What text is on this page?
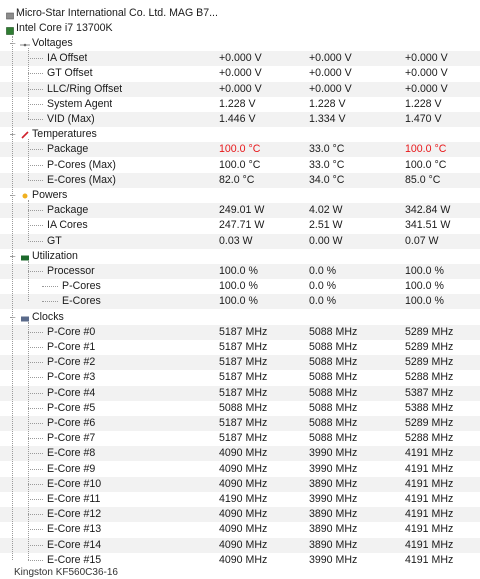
Micro-Star International Co. Ltd. MAG B7...
Intel Core i7 13700K
− Voltages
IA Offset	+0.000 V	+0.000 V	+0.000 V
GT Offset	+0.000 V	+0.000 V	+0.000 V
LLC/Ring Offset	+0.000 V	+0.000 V	+0.000 V
System Agent	1.228 V	1.228 V	1.228 V
VID (Max)	1.446 V	1.334 V	1.470 V
− Temperatures
Package	100.0 °C	33.0 °C	100.0 °C
P-Cores (Max)	100.0 °C	33.0 °C	100.0 °C
E-Cores (Max)	82.0 °C	34.0 °C	85.0 °C
− Powers
Package	249.01 W	4.02 W	342.84 W
IA Cores	247.71 W	2.51 W	341.51 W
GT	0.03 W	0.00 W	0.07 W
− Utilization
Processor	100.0 %	0.0 %	100.0 %
P-Cores	100.0 %	0.0 %	100.0 %
E-Cores	100.0 %	0.0 %	100.0 %
− Clocks
P-Core #0	5187 MHz	5088 MHz	5289 MHz
P-Core #1	5187 MHz	5088 MHz	5289 MHz
P-Core #2	5187 MHz	5088 MHz	5289 MHz
P-Core #3	5187 MHz	5088 MHz	5288 MHz
P-Core #4	5187 MHz	5088 MHz	5387 MHz
P-Core #5	5088 MHz	5088 MHz	5388 MHz
P-Core #6	5187 MHz	5088 MHz	5289 MHz
P-Core #7	5187 MHz	5088 MHz	5288 MHz
E-Core #8	4090 MHz	3990 MHz	4191 MHz
E-Core #9	4090 MHz	3990 MHz	4191 MHz
E-Core #10	4090 MHz	3890 MHz	4191 MHz
E-Core #11	4190 MHz	3990 MHz	4191 MHz
E-Core #12	4090 MHz	3890 MHz	4191 MHz
E-Core #13	4090 MHz	3890 MHz	4191 MHz
E-Core #14	4090 MHz	3890 MHz	4191 MHz
E-Core #15	4090 MHz	3990 MHz	4191 MHz
Kingston KF560C36-16
